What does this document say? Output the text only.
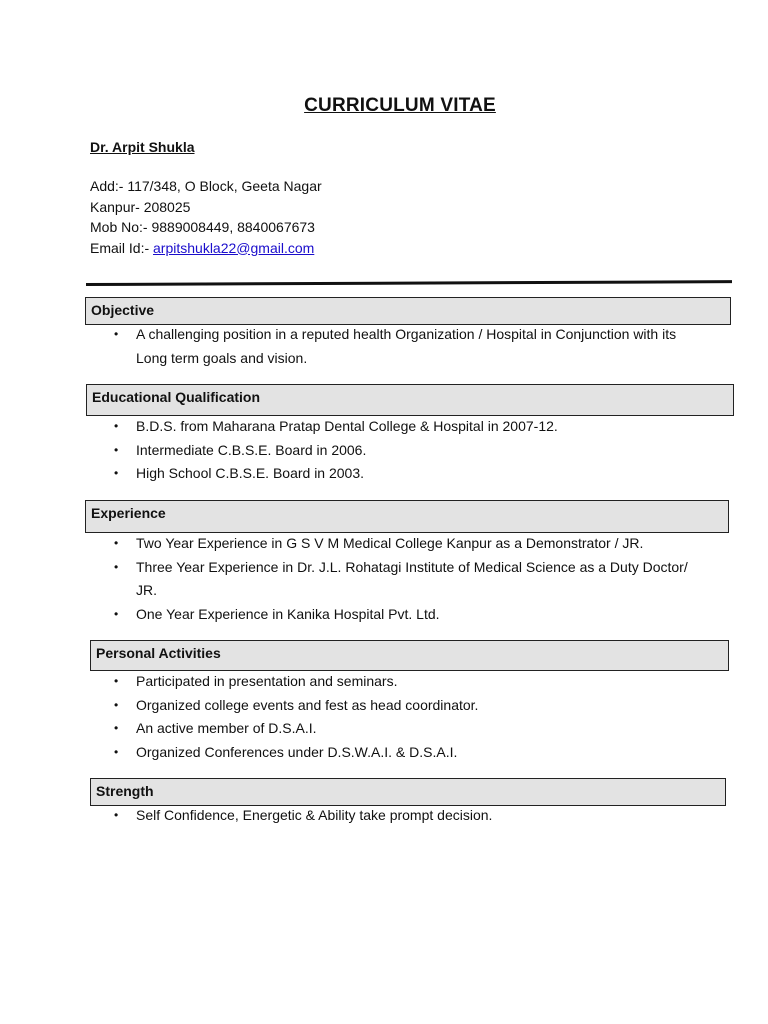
CURRICULUM VITAE
Dr. Arpit Shukla
Add:- 117/348, O Block, Geeta Nagar
Kanpur- 208025
Mob No:- 9889008449, 8840067673
Email Id:- arpitshukla22@gmail.com
Objective
• A challenging position in a reputed health Organization / Hospital in Conjunction with its Long term goals and vision.
Educational Qualification
• B.D.S. from Maharana Pratap Dental College & Hospital in 2007-12.
• Intermediate C.B.S.E. Board in 2006.
• High School C.B.S.E. Board in 2003.
Experience
• Two Year Experience in G S V M Medical College Kanpur as a Demonstrator / JR.
• Three Year Experience in Dr. J.L. Rohatagi Institute of Medical Science as a Duty Doctor/ JR.
• One Year Experience in Kanika Hospital Pvt. Ltd.
Personal Activities
• Participated in presentation and seminars.
• Organized college events and fest as head coordinator.
• An active member of D.S.A.I.
• Organized Conferences under D.S.W.A.I. & D.S.A.I.
Strength
• Self Confidence, Energetic & Ability take prompt decision.
